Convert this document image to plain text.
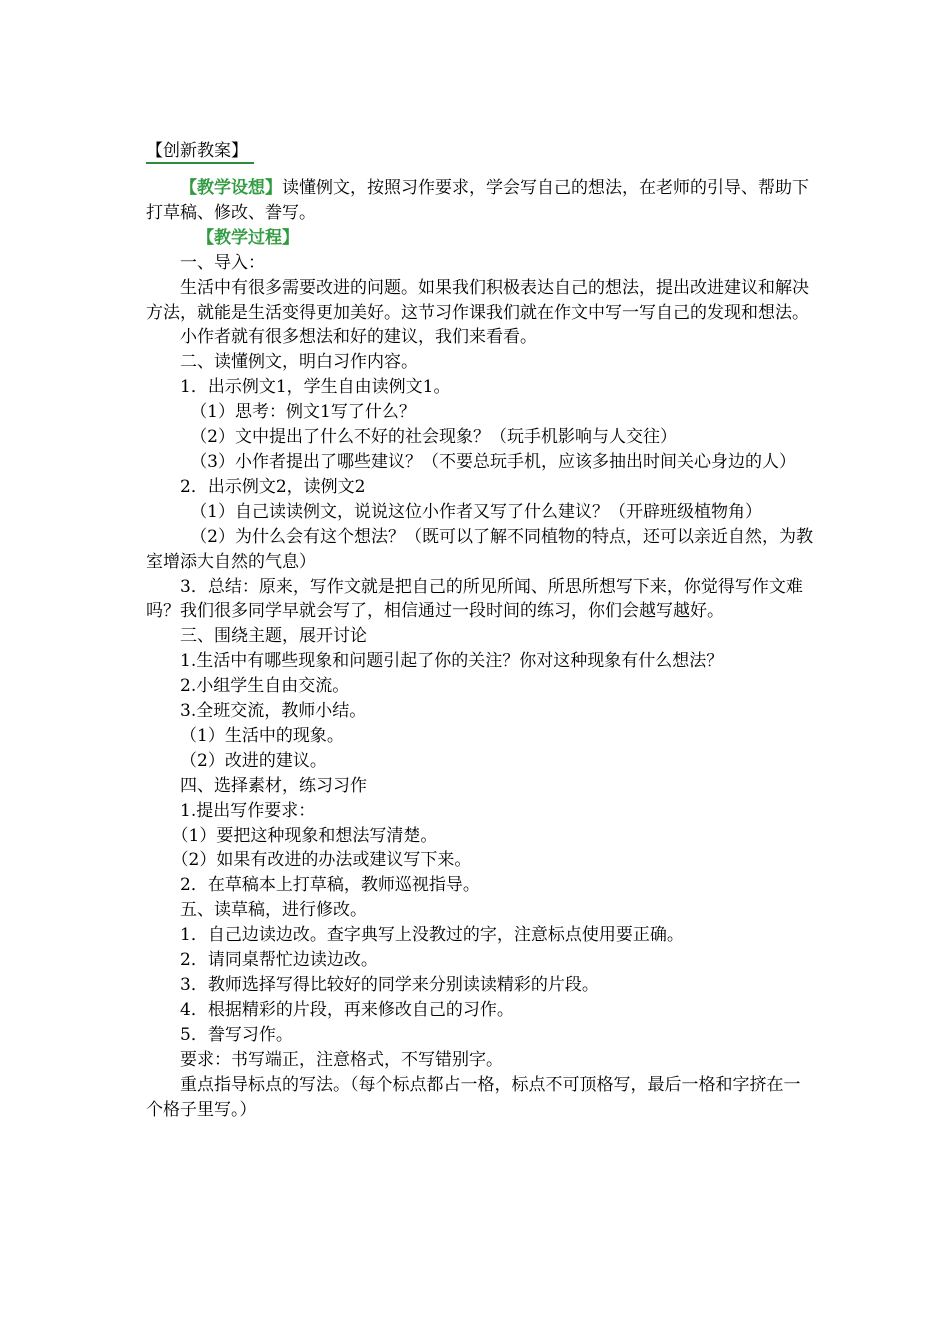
【创新教案】

【教学设想】读懂例文，按照习作要求，学会写自己的想法，在老师的引导、帮助下打草稿、修改、誊写。

【教学过程】

一、导入：

生活中有很多需要改进的问题。如果我们积极表达自己的想法，提出改进建议和解决方法，就能是生活变得更加美好。这节习作课我们就在作文中写一写自己的发现和想法。

小作者就有很多想法和好的建议，我们来看看。

二、读懂例文，明白习作内容。

1．出示例文1，学生自由读例文1。

（1）思考：例文1写了什么？

（2）文中提出了什么不好的社会现象？（玩手机影响与人交往）

（3）小作者提出了哪些建议？（不要总玩手机，应该多抽出时间关心身边的人）

2．出示例文2，读例文2

（1）自己读读例文，说说这位小作者又写了什么建议？（开辟班级植物角）

（2）为什么会有这个想法？（既可以了解不同植物的特点，还可以亲近自然，为教室增添大自然的气息）

3．总结：原来，写作文就是把自己的所见所闻、所思所想写下来，你觉得写作文难吗？我们很多同学早就会写了，相信通过一段时间的练习，你们会越写越好。

三、围绕主题，展开讨论

1.生活中有哪些现象和问题引起了你的关注？你对这种现象有什么想法？

2.小组学生自由交流。

3.全班交流，教师小结。

（1）生活中的现象。

（2）改进的建议。

四、选择素材，练习习作

1.提出写作要求：

（1）要把这种现象和想法写清楚。

（2）如果有改进的办法或建议写下来。

2．在草稿本上打草稿，教师巡视指导。

五、读草稿，进行修改。

1．自己边读边改。查字典写上没教过的字，注意标点使用要正确。

2．请同桌帮忙边读边改。

3．教师选择写得比较好的同学来分别读读精彩的片段。

4．根据精彩的片段，再来修改自己的习作。

5．誊写习作。

要求：书写端正，注意格式，不写错别字。

重点指导标点的写法。（每个标点都占一格，标点不可顶格写，最后一格和字挤在一个格子里写。）
